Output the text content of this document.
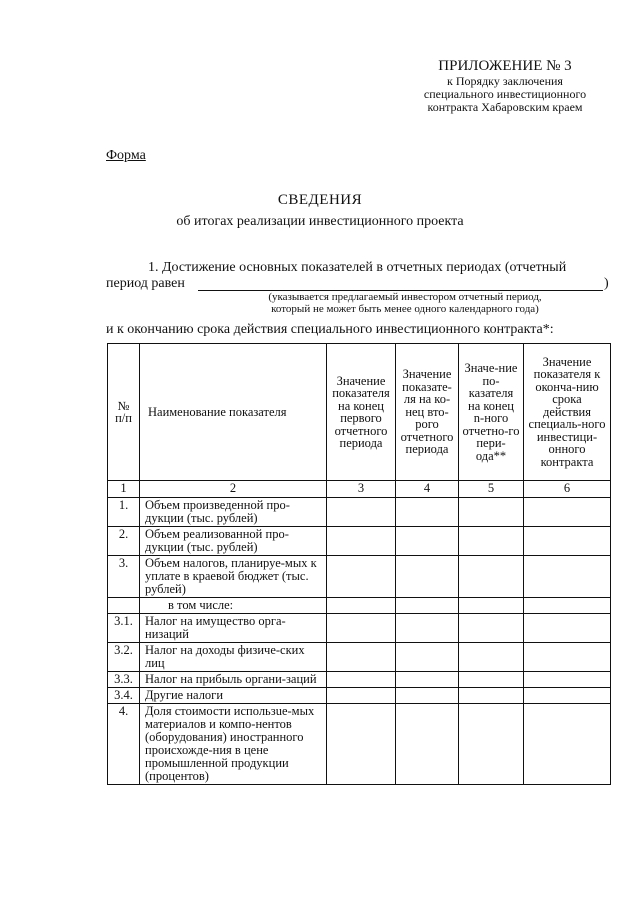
ПРИЛОЖЕНИЕ № 3
к Порядку заключения
специального инвестиционного
контракта Хабаровским краем
Форма
СВЕДЕНИЯ
об итогах реализации инвестиционного проекта
1. Достижение основных показателей в отчетных периодах (отчетный
период равен	)
(указывается предлагаемый инвестором отчетный период,
который не может быть менее одного календарного года)
и к окончанию срока действия специального инвестиционного контракта*:
№ п/п	Наименование показателя	Значение показателя на конец первого отчетного периода	Значение показате-ля на ко-нец вто-рого отчетного периода	Значе-ние по-казателя на конец n-ного отчетно-го пери-ода**	Значение показателя к оконча-нию срока действия специаль-ного инвестици-онного контракта
1	2	3	4	5	6
1.	Объем произведенной про-дукции (тыс. рублей)				
2.	Объем реализованной про-дукции (тыс. рублей)				
3.	Объем налогов, планируе-мых к уплате в краевой бюджет (тыс. рублей)				
	в том числе:				
3.1.	Налог на имущество орга-низаций				
3.2.	Налог на доходы физиче-ских лиц				
3.3.	Налог на прибыль органи-заций				
3.4.	Другие налоги				
4.	Доля стоимости использue-мых материалов и компо-нентов (оборудования) иностранного происхожде-ния в цене промышленной продукции (процентов)				
